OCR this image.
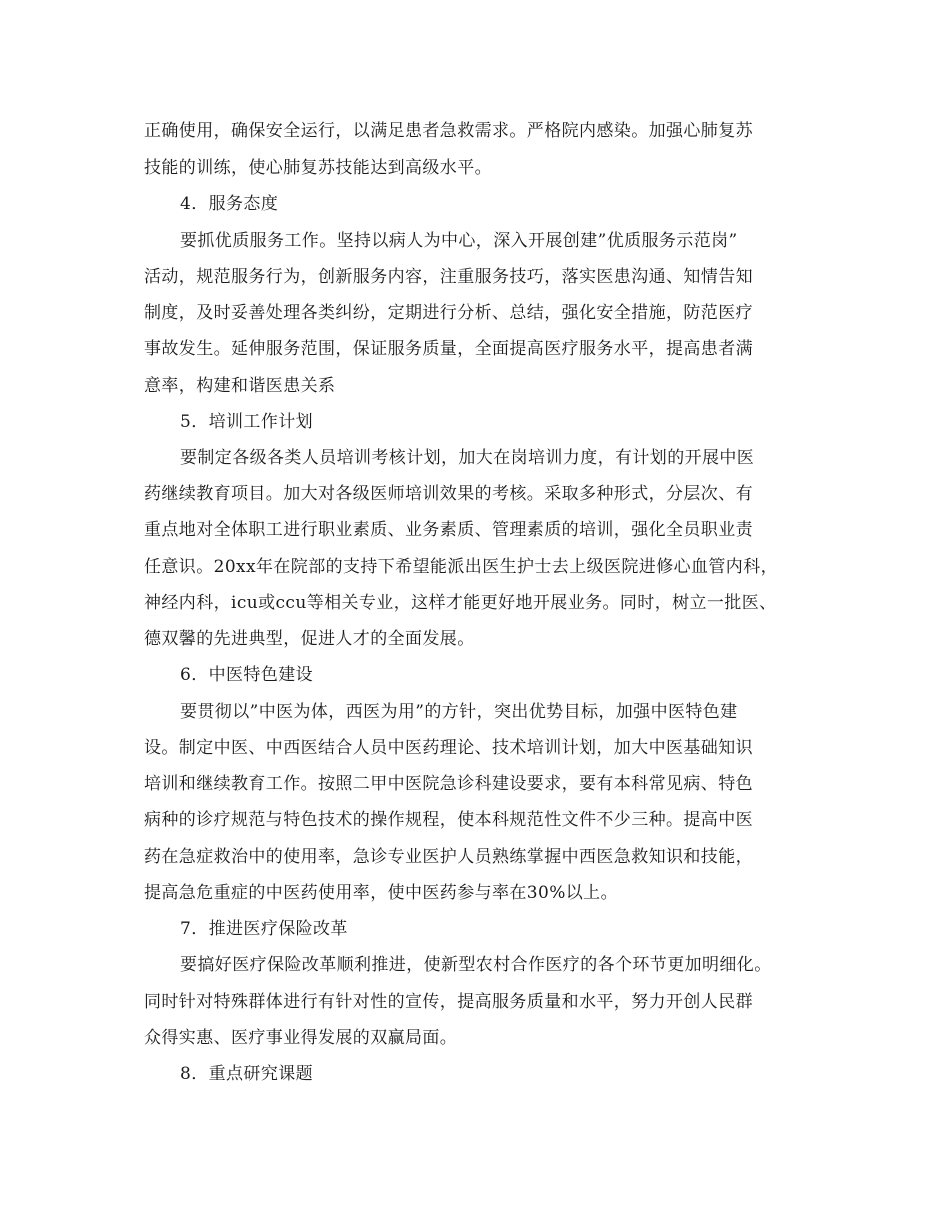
正确使用，确保安全运行，以满足患者急救需求。严格院内感染。加强心肺复苏
技能的训练，使心肺复苏技能达到高级水平。
4．服务态度
要抓优质服务工作。坚持以病人为中心，深入开展创建”优质服务示范岗”
活动，规范服务行为，创新服务内容，注重服务技巧，落实医患沟通、知情告知
制度，及时妥善处理各类纠纷，定期进行分析、总结，强化安全措施，防范医疗
事故发生。延伸服务范围，保证服务质量，全面提高医疗服务水平，提高患者满
意率，构建和谐医患关系
5．培训工作计划
要制定各级各类人员培训考核计划，加大在岗培训力度，有计划的开展中医
药继续教育项目。加大对各级医师培训效果的考核。采取多种形式，分层次、有
重点地对全体职工进行职业素质、业务素质、管理素质的培训，强化全员职业责
任意识。20xx年在院部的支持下希望能派出医生护士去上级医院进修心血管内科，
神经内科，icu或ccu等相关专业，这样才能更好地开展业务。同时，树立一批医、
德双馨的先进典型，促进人才的全面发展。
6．中医特色建设
要贯彻以”中医为体，西医为用”的方针，突出优势目标，加强中医特色建
设。制定中医、中西医结合人员中医药理论、技术培训计划，加大中医基础知识
培训和继续教育工作。按照二甲中医院急诊科建设要求，要有本科常见病、特色
病种的诊疗规范与特色技术的操作规程，使本科规范性文件不少三种。提高中医
药在急症救治中的使用率，急诊专业医护人员熟练掌握中西医急救知识和技能，
提高急危重症的中医药使用率，使中医药参与率在30%以上。
7．推进医疗保险改革
要搞好医疗保险改革顺利推进，使新型农村合作医疗的各个环节更加明细化。
同时针对特殊群体进行有针对性的宣传，提高服务质量和水平，努力开创人民群
众得实惠、医疗事业得发展的双赢局面。
8．重点研究课题
